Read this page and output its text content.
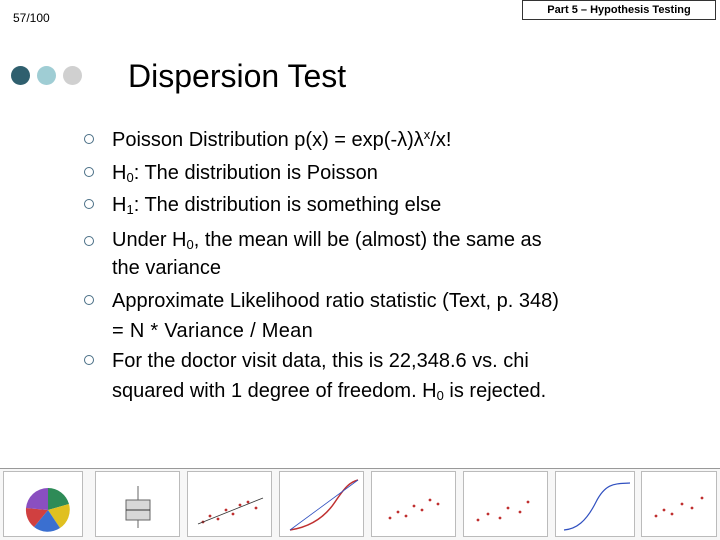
57/100
Part 5 – Hypothesis Testing
Dispersion Test
Poisson Distribution $p(x) = \exp(-\lambda)\lambda^x/x$!
$H_0$: The distribution is Poisson
$H_1$: The distribution is something else
Under $H_0$, the mean will be (almost) the same as
the variance
Approximate Likelihood ratio statistic (Text, p. 348)
= N * Variance / Mean
For the doctor visit data, this is 22,348.6 vs. chi
squared with 1 degree of freedom. $H_0$ is rejected.
